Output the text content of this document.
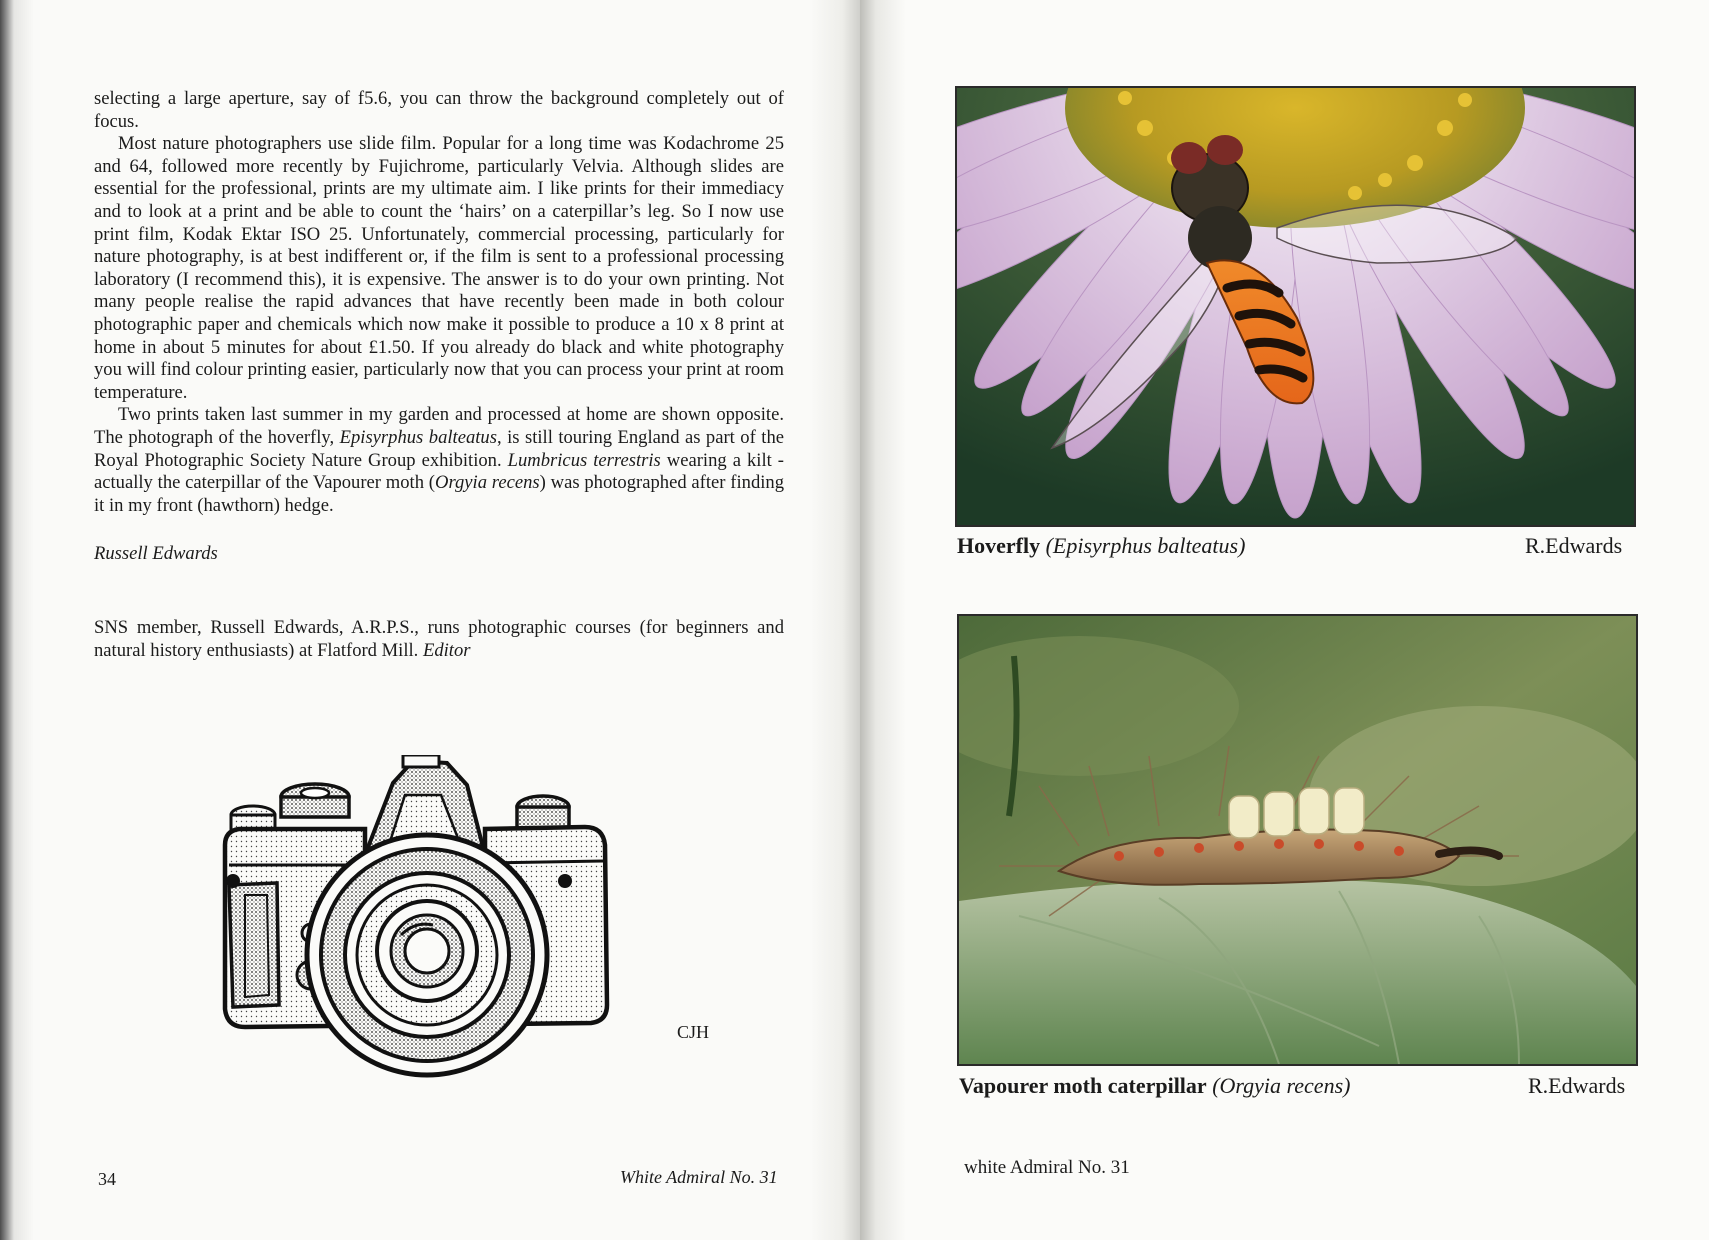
selecting a large aperture, say of f5.6, you can throw the background completely out of focus.

Most nature photographers use slide film. Popular for a long time was Kodachrome 25 and 64, followed more recently by Fujichrome, particularly Velvia. Although slides are essential for the professional, prints are my ultimate aim. I like prints for their immediacy and to look at a print and be able to count the ‘hairs’ on a caterpillar’s leg. So I now use print film, Kodak Ektar ISO 25. Unfortunately, commercial processing, particularly for nature photography, is at best indifferent or, if the film is sent to a professional processing laboratory (I recommend this), it is expensive. The answer is to do your own printing. Not many people realise the rapid advances that have recently been made in both colour photographic paper and chemicals which now make it possible to produce a 10 x 8 print at home in about 5 minutes for about £1.50. If you already do black and white photography you will find colour printing easier, particularly now that you can process your print at room temperature.

Two prints taken last summer in my garden and processed at home are shown opposite. The photograph of the hoverfly, Episyrphus balteatus, is still touring England as part of the Royal Photographic Society Nature Group exhibition. Lumbricus terrestris wearing a kilt - actually the caterpillar of the Vapourer moth (Orgyia recens) was photographed after finding it in my front (hawthorn) hedge.

Russell Edwards
SNS member, Russell Edwards, A.R.P.S., runs photographic courses (for beginners and natural history enthusiasts) at Flatford Mill. Editor
CJH
34	White Admiral No. 31
Hoverfly (Episyrphus balteatus)	R.Edwards
Vapourer moth caterpillar (Orgyia recens)	R.Edwards
white Admiral No. 31
